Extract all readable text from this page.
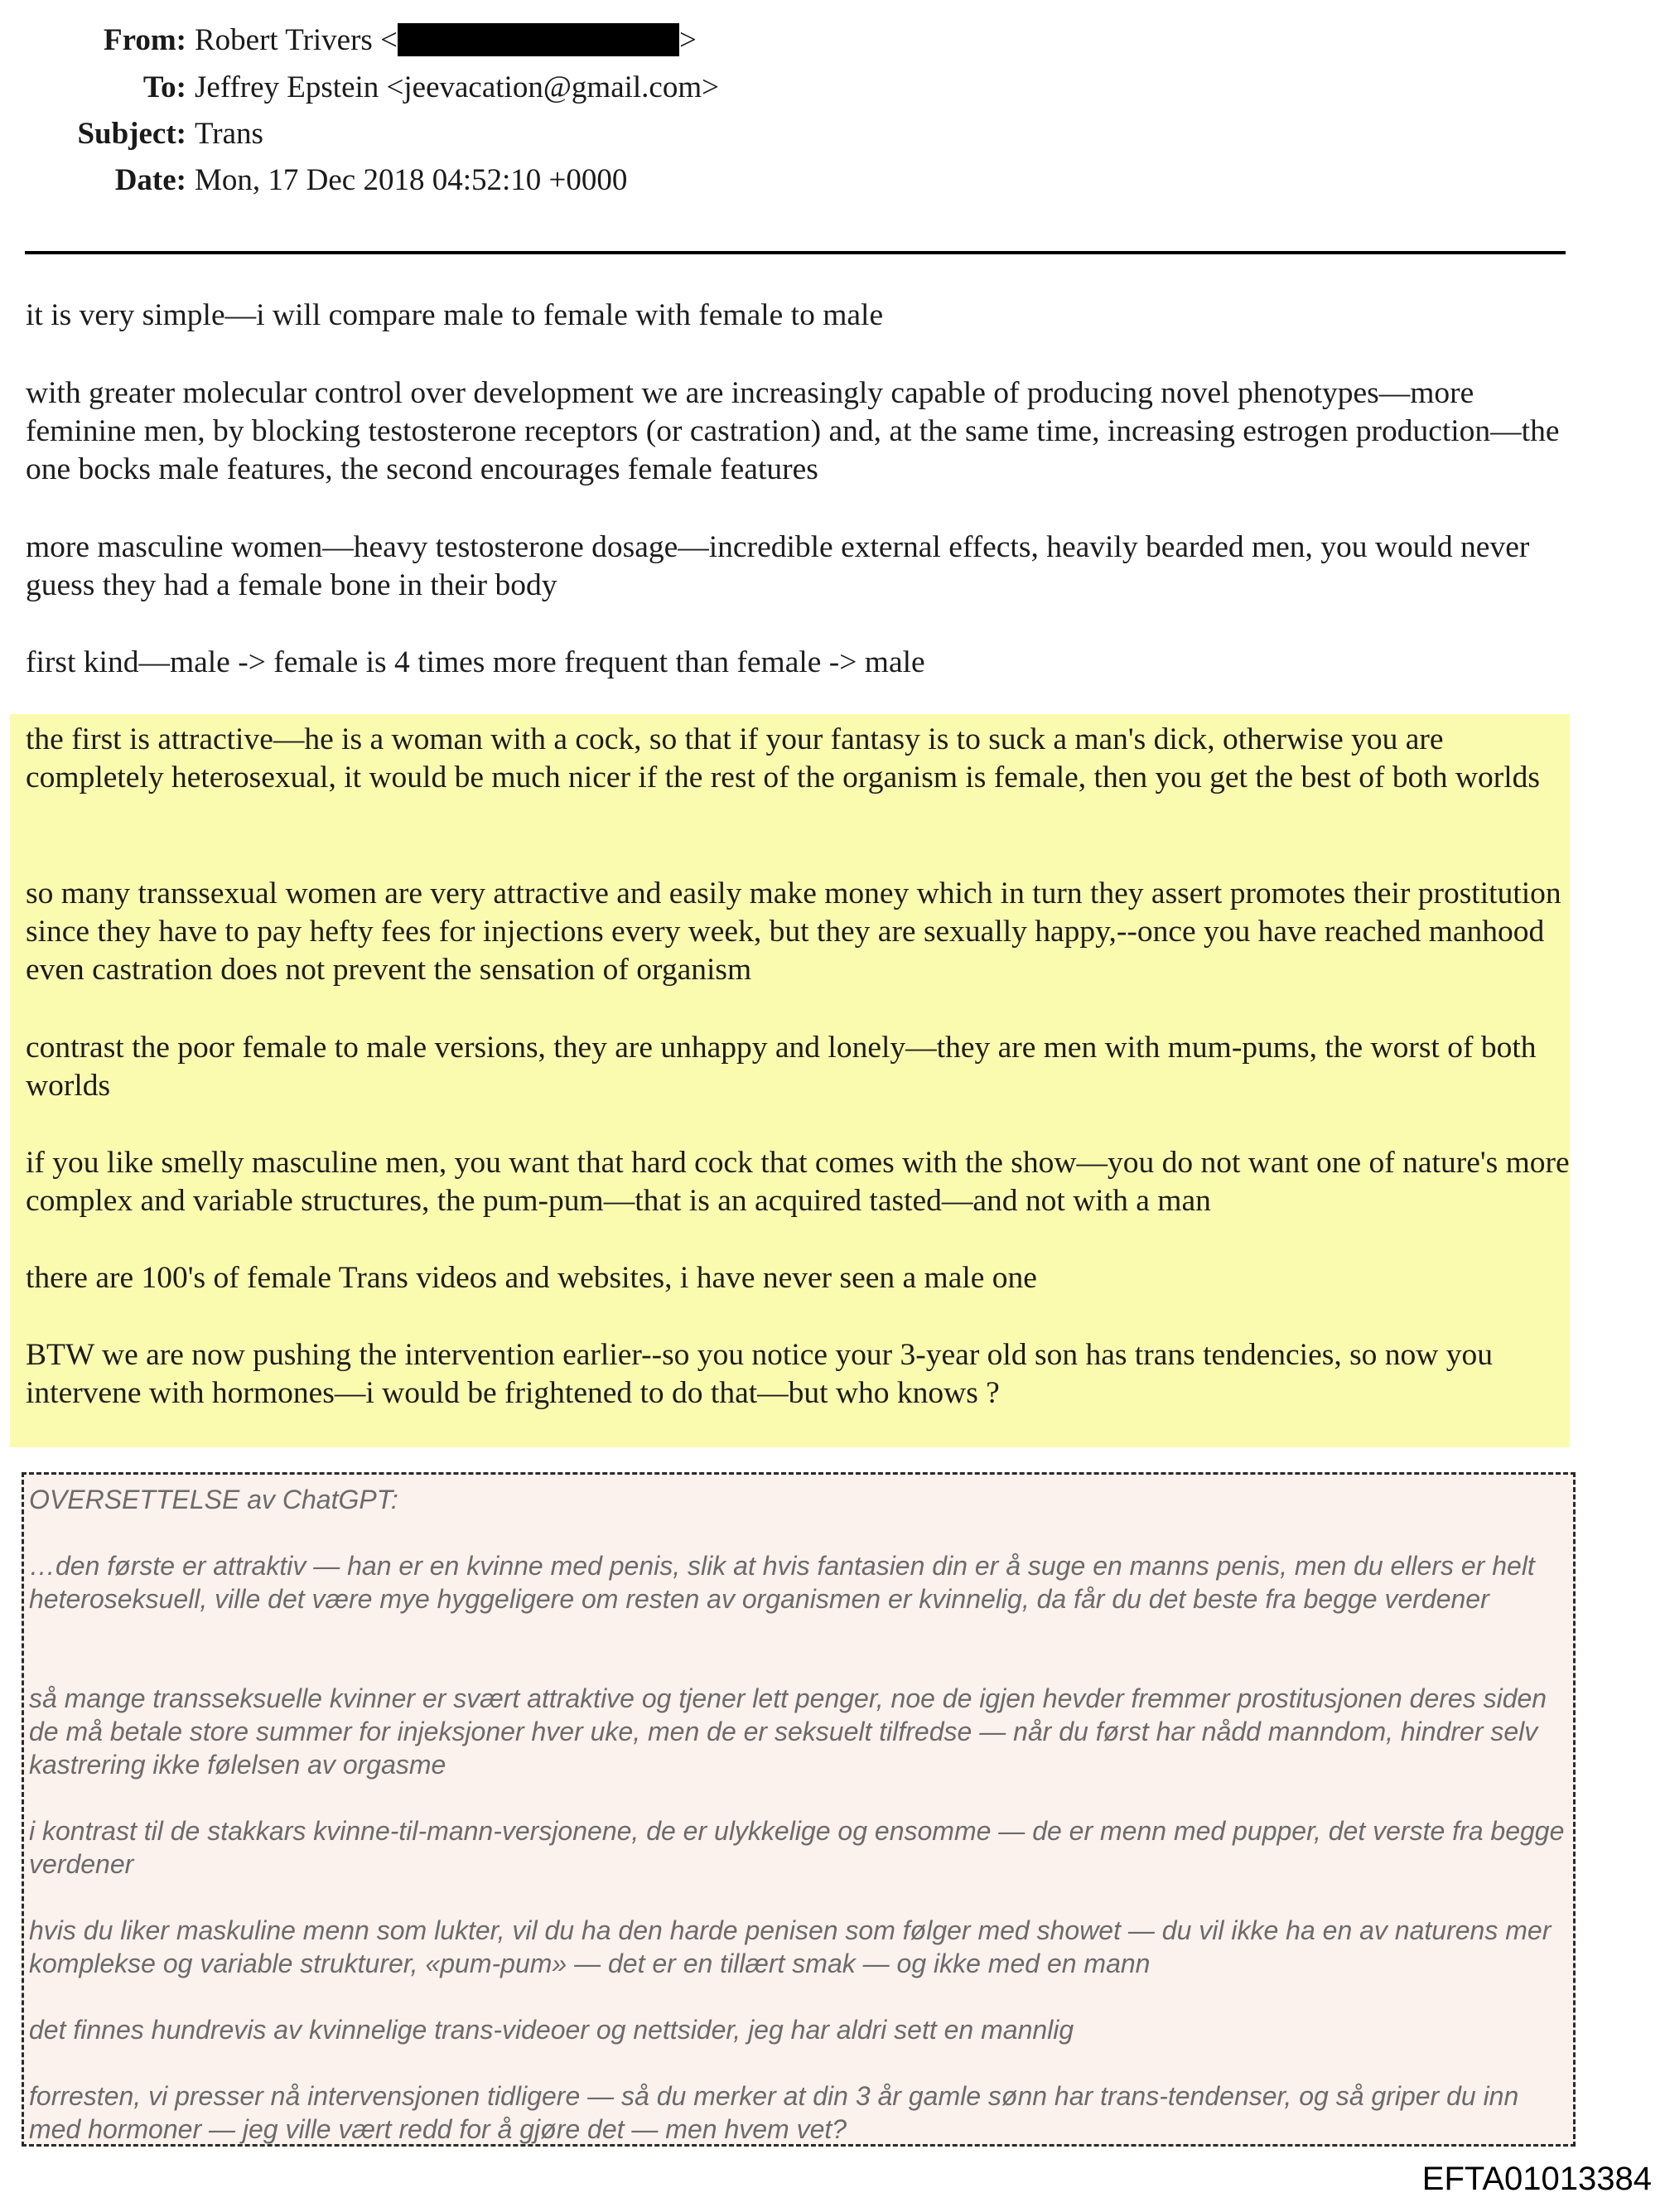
From: Robert Trivers <	>
To: Jeffrey Epstein <jeevacation@gmail.com>
Subject: Trans
Date: Mon, 17 Dec 2018 04:52:10 +0000
it is very simple—i will compare male to female with female to male
with greater molecular control over development we are increasingly capable of producing novel phenotypes—more feminine men, by blocking testosterone receptors (or castration) and, at the same time, increasing estrogen production—the one bocks male features, the second encourages female features
more masculine women—heavy testosterone dosage—incredible external effects, heavily bearded men, you would never guess they had a female bone in their body
first kind—male -> female is 4 times more frequent than female -> male
the first is attractive—he is a woman with a cock, so that if your fantasy is to suck a man's dick, otherwise you are completely heterosexual, it would be much nicer if the rest of the organism is female, then you get the best of both worlds
so many transsexual women are very attractive and easily make money which in turn they assert promotes their prostitution since they have to pay hefty fees for injections every week, but they are sexually happy,--once you have reached manhood even castration does not prevent the sensation of organism
contrast the poor female to male versions, they are unhappy and lonely—they are men with mum-pums, the worst of both worlds
if you like smelly masculine men, you want that hard cock that comes with the show—you do not want one of nature's more complex and variable structures, the pum-pum—that is an acquired tasted—and not with a man
there are 100's of female Trans videos and websites, i have never seen a male one
BTW we are now pushing the intervention earlier--so you notice your 3-year old son has trans tendencies, so now you intervene with hormones—i would be frightened to do that—but who knows ?
OVERSETTELSE av ChatGPT:
…den første er attraktiv — han er en kvinne med penis, slik at hvis fantasien din er å suge en manns penis, men du ellers er helt heteroseksuell, ville det være mye hyggeligere om resten av organismen er kvinnelig, da får du det beste fra begge verdener
så mange transseksuelle kvinner er svært attraktive og tjener lett penger, noe de igjen hevder fremmer prostitusjonen deres siden de må betale store summer for injeksjoner hver uke, men de er seksuelt tilfredse — når du først har nådd manndom, hindrer selv kastrering ikke følelsen av orgasme
i kontrast til de stakkars kvinne-til-mann-versjonene, de er ulykkelige og ensomme — de er menn med pupper, det verste fra begge verdener
hvis du liker maskuline menn som lukter, vil du ha den harde penisen som følger med showet — du vil ikke ha en av naturens mer komplekse og variable strukturer, «pum-pum» — det er en tillært smak — og ikke med en mann
det finnes hundrevis av kvinnelige trans-videoer og nettsider, jeg har aldri sett en mannlig
forresten, vi presser nå intervensjonen tidligere — så du merker at din 3 år gamle sønn har trans-tendenser, og så griper du inn med hormoner — jeg ville vært redd for å gjøre det — men hvem vet?
EFTA01013384
